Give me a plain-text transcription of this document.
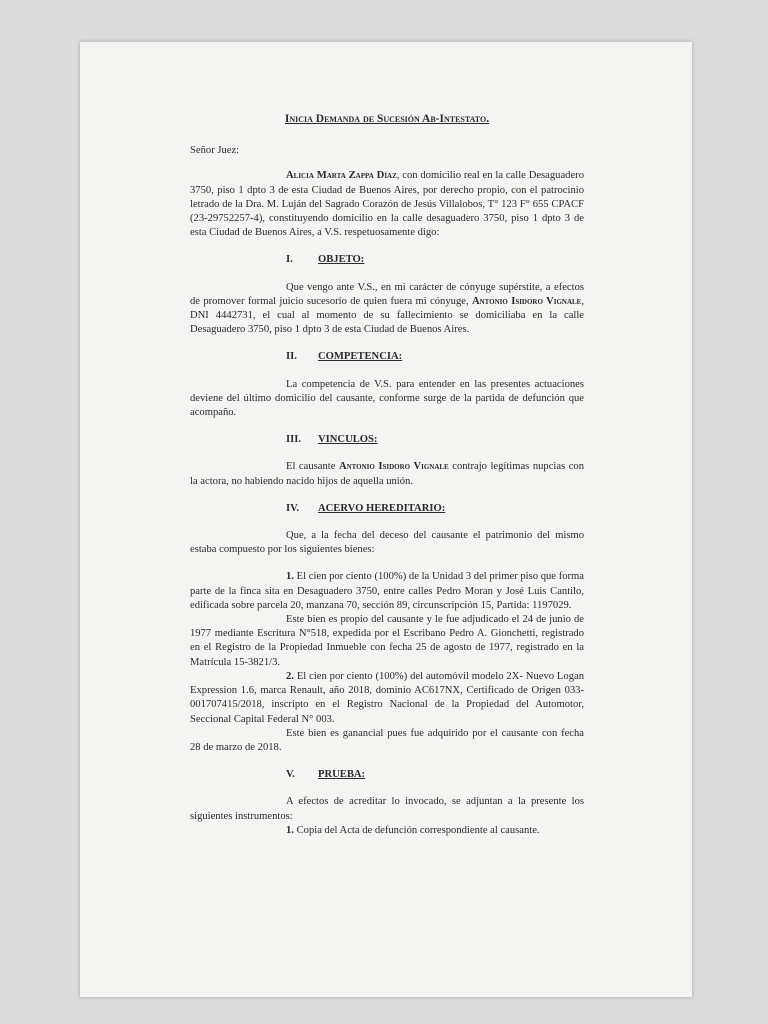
Inicia Demanda de Sucesión Ab-Intestato.

Señor Juez:

Alicia Marta Zappa Díaz, con domicilio real en la calle Desaguadero 3750, piso 1 dpto 3 de esta Ciudad de Buenos Aires, por derecho propio, con el patrocinio letrado de la Dra. M. Luján del Sagrado Corazón de Jesús Villalobos, T° 123 F° 655 CPACF (23-29752257-4), constituyendo domicilio en la calle desaguadero 3750, piso 1 dpto 3 de esta Ciudad de Buenos Aires, a V.S. respetuosamente digo:

I. OBJETO:

Que vengo ante V.S., en mi carácter de cónyuge supérstite, a efectos de promover formal juicio sucesorio de quien fuera mi cónyuge, Antonio Isidoro Vignale, DNI 4442731, el cual al momento de su fallecimiento se domiciliaba en la calle Desaguadero 3750, piso 1 dpto 3 de esta Ciudad de Buenos Aires.

II. COMPETENCIA:

La competencia de V.S. para entender en las presentes actuaciones deviene del último domicilio del causante, conforme surge de la partida de defunción que acompaño.

III. VINCULOS:

El causante Antonio Isidoro Vignale contrajo legítimas nupcias con la actora, no habiendo nacido hijos de aquella unión.

IV. ACERVO HEREDITARIO:

Que, a la fecha del deceso del causante el patrimonio del mismo estaba compuesto por los siguientes bienes:

1. El cien por ciento (100%) de la Unidad 3 del primer piso que forma parte de la finca sita en Desaguadero 3750, entre calles Pedro Moran y José Luis Cantilo, edificada sobre parcela 20, manzana 70, sección 89, circunscripción 15, Partida: 1197029.

Este bien es propio del causante y le fue adjudicado el 24 de junio de 1977 mediante Escritura N°518, expedida por el Escribano Pedro A. Gionchetti, registrado en el Registro de la Propiedad Inmueble con fecha 25 de agosto de 1977, registrado en la Matrícula 15-3821/3.

2. El cien por ciento (100%) del automóvil modelo 2X- Nuevo Logan Expression 1.6, marca Renault, año 2018, dominio AC617NX, Certificado de Origen 033-001707415/2018, inscripto en el Registro Nacional de la Propiedad del Automotor, Seccional Capital Federal N° 003.

Este bien es ganancial pues fue adquirido por el causante con fecha 28 de marzo de 2018.

V. PRUEBA:

A efectos de acreditar lo invocado, se adjuntan a la presente los siguientes instrumentos:

1. Copia del Acta de defunción correspondiente al causante.
